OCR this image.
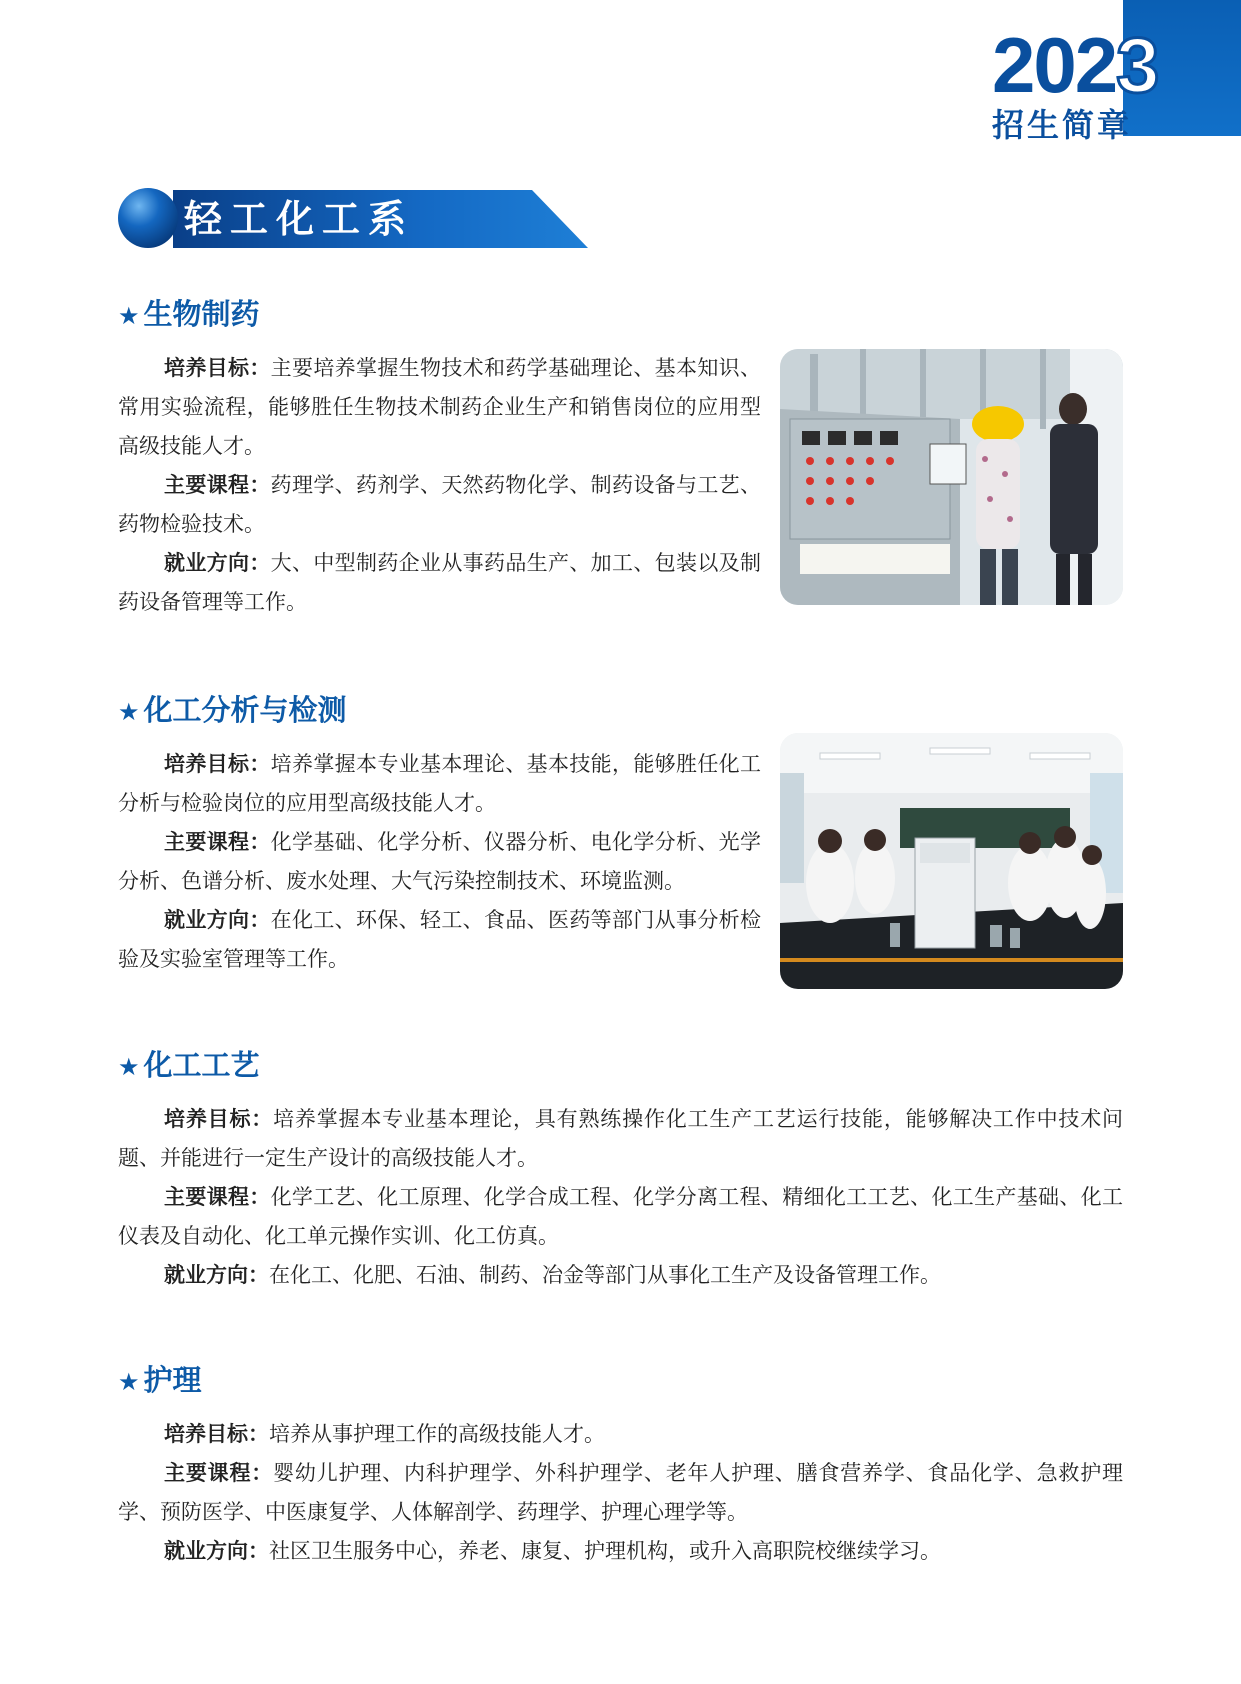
2023
招生简章
轻工化工系
★ 生物制药

培养目标：主要培养掌握生物技术和药学基础理论、基本知识、常用实验流程，能够胜任生物技术制药企业生产和销售岗位的应用型高级技能人才。

主要课程：药理学、药剂学、天然药物化学、制药设备与工艺、药物检验技术。

就业方向：大、中型制药企业从事药品生产、加工、包装以及制药设备管理等工作。

★ 化工分析与检测

培养目标：培养掌握本专业基本理论、基本技能，能够胜任化工分析与检验岗位的应用型高级技能人才。

主要课程：化学基础、化学分析、仪器分析、电化学分析、光学分析、色谱分析、废水处理、大气污染控制技术、环境监测。

就业方向：在化工、环保、轻工、食品、医药等部门从事分析检验及实验室管理等工作。

★ 化工工艺

培养目标：培养掌握本专业基本理论，具有熟练操作化工生产工艺运行技能，能够解决工作中技术问题、并能进行一定生产设计的高级技能人才。

主要课程：化学工艺、化工原理、化学合成工程、化学分离工程、精细化工工艺、化工生产基础、化工仪表及自动化、化工单元操作实训、化工仿真。

就业方向：在化工、化肥、石油、制药、冶金等部门从事化工生产及设备管理工作。

★ 护理

培养目标：培养从事护理工作的高级技能人才。

主要课程：婴幼儿护理、内科护理学、外科护理学、老年人护理、膳食营养学、食品化学、急救护理学、预防医学、中医康复学、人体解剖学、药理学、护理心理学等。

就业方向：社区卫生服务中心，养老、康复、护理机构，或升入高职院校继续学习。
